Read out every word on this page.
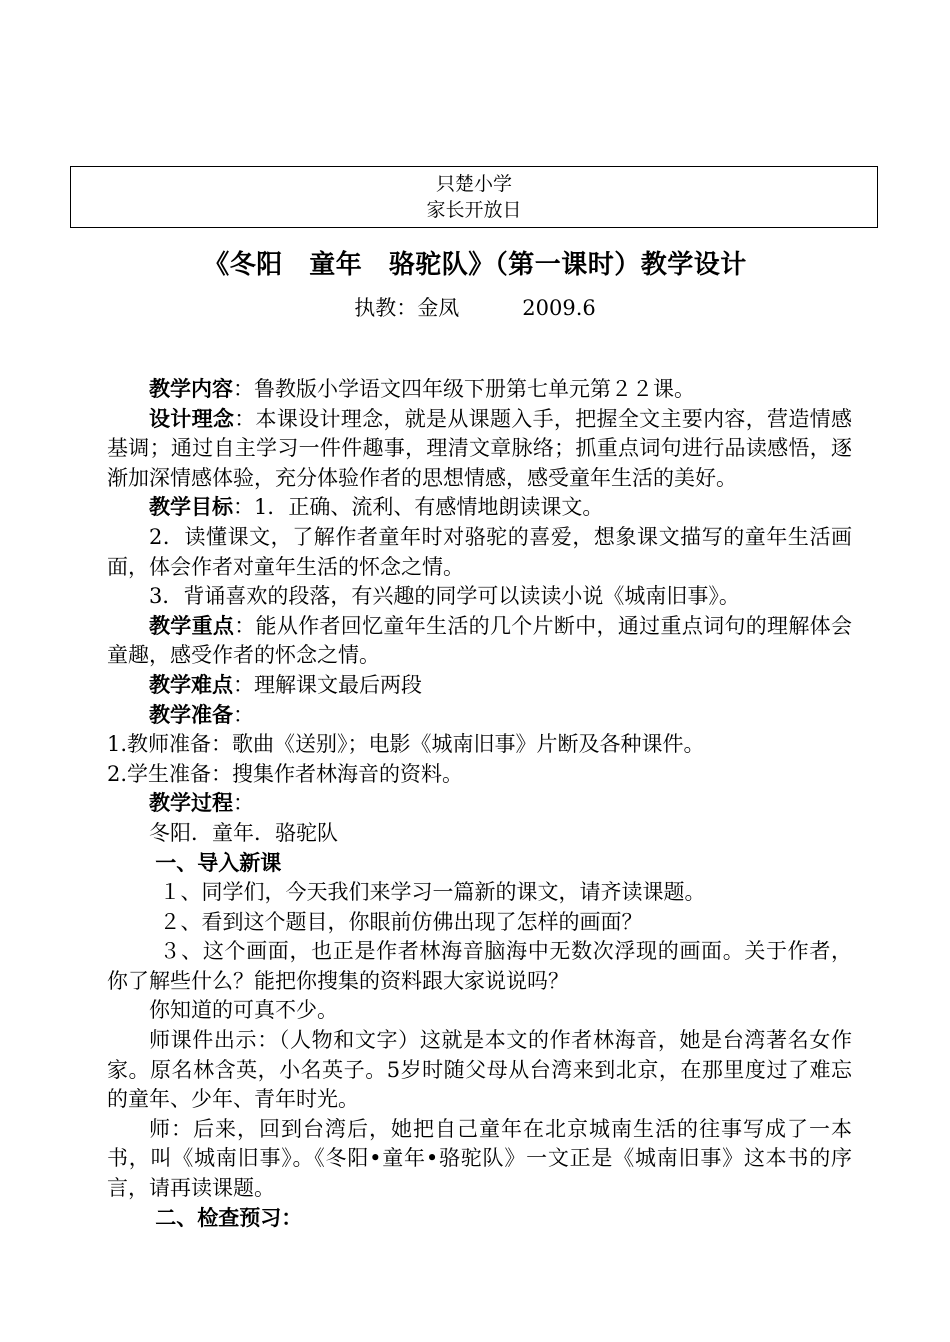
只楚小学
家长开放日
《冬阳　童年　骆驼队》（第一课时）教学设计
执教：金凤　　　2009.6

教学内容：鲁教版小学语文四年级下册第七单元第２２课。

设计理念：本课设计理念，就是从课题入手，把握全文主要内容，营造情感基调；通过自主学习一件件趣事，理清文章脉络；抓重点词句进行品读感悟，逐渐加深情感体验，充分体验作者的思想情感，感受童年生活的美好。

教学目标：1．正确、流利、有感情地朗读课文。

2．读懂课文，了解作者童年时对骆驼的喜爱，想象课文描写的童年生活画面，体会作者对童年生活的怀念之情。

3．背诵喜欢的段落，有兴趣的同学可以读读小说《城南旧事》。

教学重点：能从作者回忆童年生活的几个片断中，通过重点词句的理解体会童趣，感受作者的怀念之情。

教学难点：理解课文最后两段

教学准备：

1.教师准备：歌曲《送别》；电影《城南旧事》片断及各种课件。

2.学生准备：搜集作者林海音的资料。

教学过程：

冬阳．童年．骆驼队

一、导入新课

１、同学们，今天我们来学习一篇新的课文，请齐读课题。

２、看到这个题目，你眼前仿佛出现了怎样的画面？

３、这个画面，也正是作者林海音脑海中无数次浮现的画面。关于作者，你了解些什么？能把你搜集的资料跟大家说说吗？

你知道的可真不少。

师课件出示：（人物和文字）这就是本文的作者林海音，她是台湾著名女作家。原名林含英，小名英子。5岁时随父母从台湾来到北京，在那里度过了难忘的童年、少年、青年时光。

师：后来，回到台湾后，她把自己童年在北京城南生活的往事写成了一本书，叫《城南旧事》。《冬阳•童年•骆驼队》一文正是《城南旧事》这本书的序言，请再读课题。

二、检查预习：
